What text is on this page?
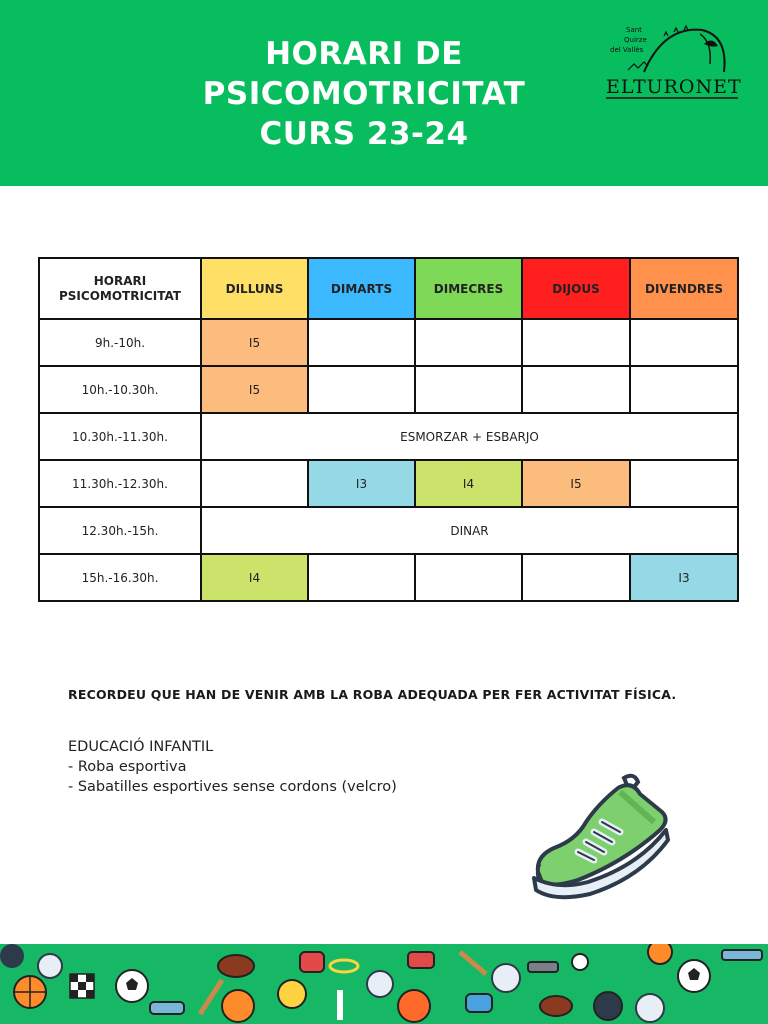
HORARI DE
PSICOMOTRICITAT
CURS 23-24
Sant
Quirze
del Vallès
ELTURONET
HORARI
PSICOMOTRICITAT	DILLUNS	DIMARTS	DIMECRES	DIJOUS	DIVENDRES
9h.-10h.	I5				
10h.-10.30h.	I5				
10.30h.-11.30h.	ESMORZAR + ESBARJO				
11.30h.-12.30h.		I3	I4	I5	
12.30h.-15h.	DINAR				
15h.-16.30h.	I4				I3
RECORDEU QUE HAN DE VENIR AMB LA ROBA ADEQUADA PER FER ACTIVITAT FÍSICA.
EDUCACIÓ INFANTIL
- Roba esportiva
- Sabatilles esportives sense cordons (velcro)
